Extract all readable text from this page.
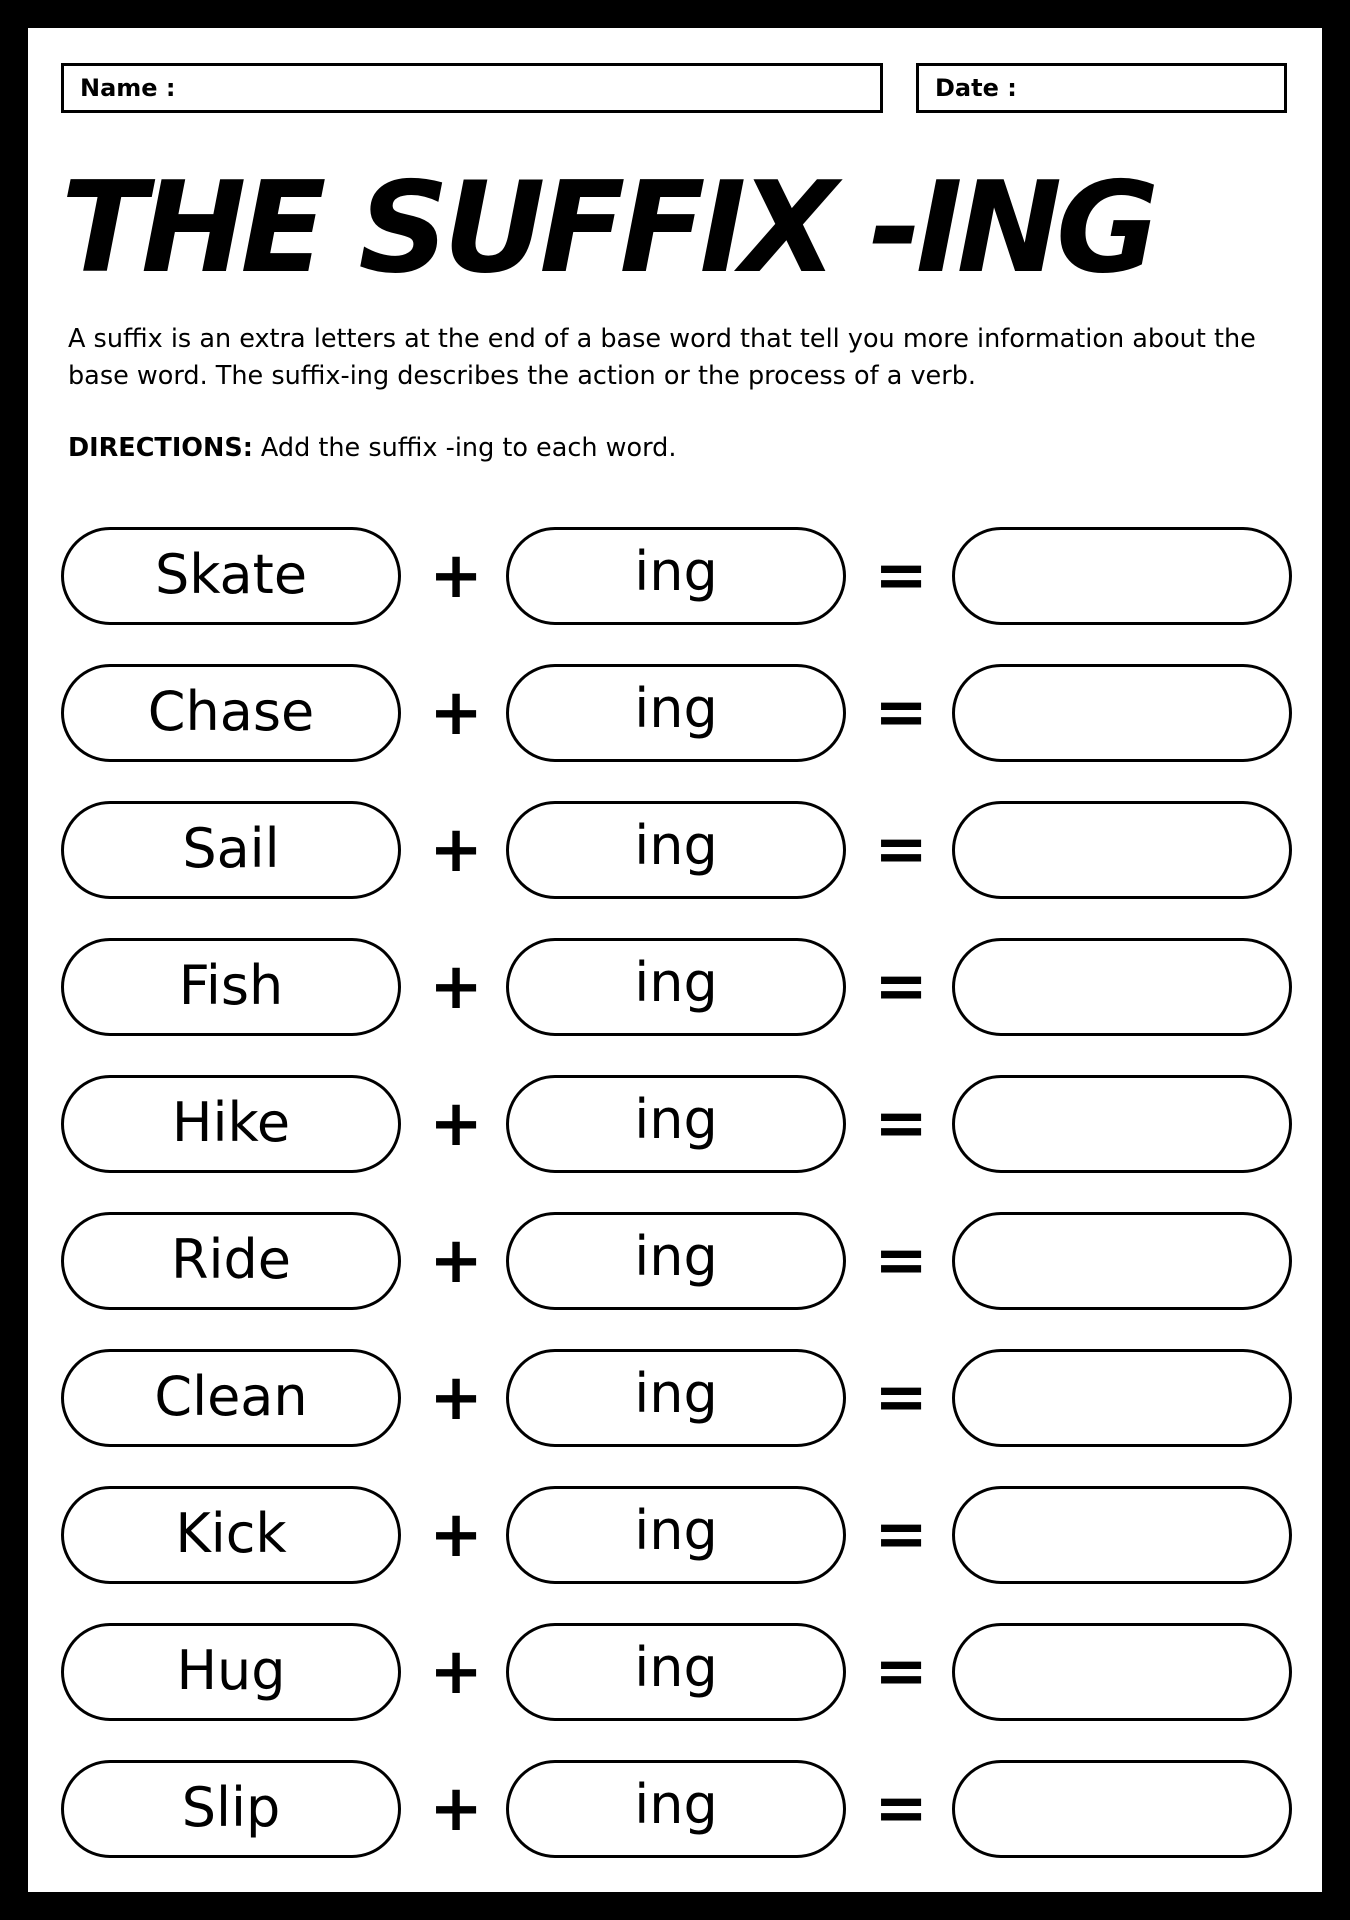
Name :	Date :
THE SUFFIX -ING
A suffix is an extra letters at the end of a base word that tell you more information about the base word. The suffix-ing describes the action or the process of a verb.
DIRECTIONS: Add the suffix -ing to each word.
Skate	+	ing	=
Chase	+	ing	=
Sail	+	ing	=
Fish	+	ing	=
Hike	+	ing	=
Ride	+	ing	=
Clean	+	ing	=
Kick	+	ing	=
Hug	+	ing	=
Slip	+	ing	=
